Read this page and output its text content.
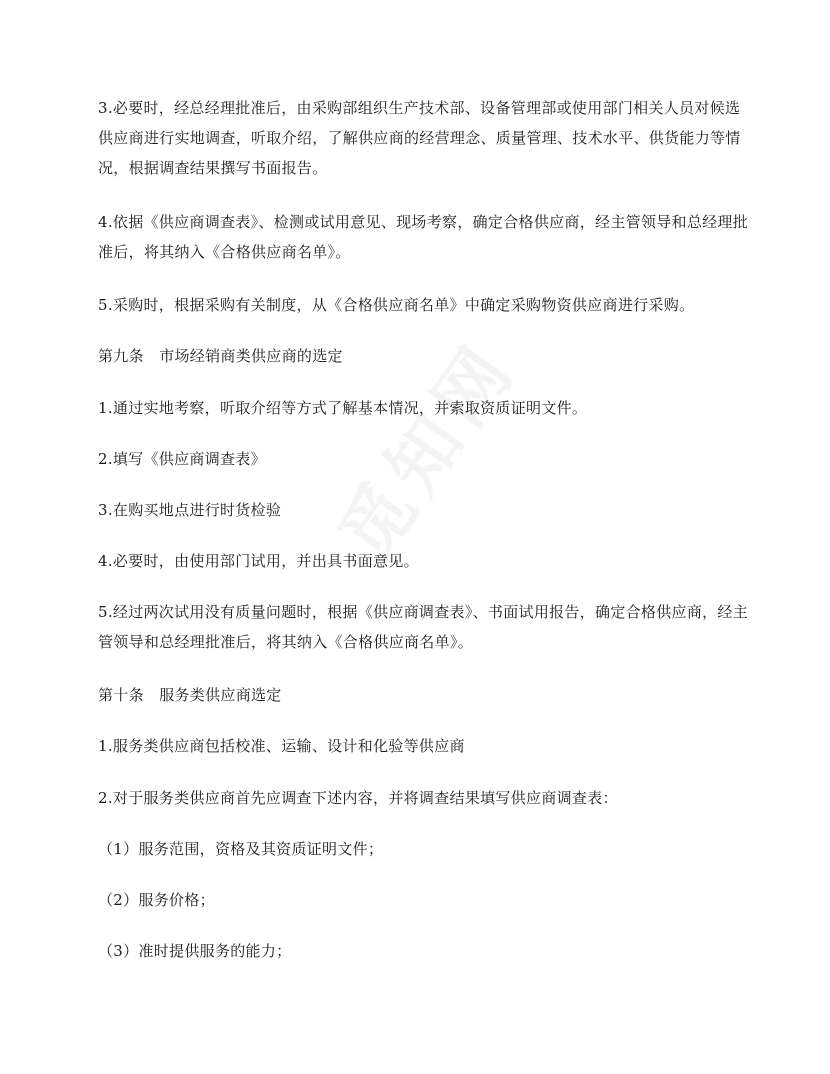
3.必要时，经总经理批准后，由采购部组织生产技术部、设备管理部或使用部门相关人员对候选供应商进行实地调查，听取介绍，了解供应商的经营理念、质量管理、技术水平、供货能力等情况，根据调查结果撰写书面报告。

4.依据《供应商调查表》、检测或试用意见、现场考察，确定合格供应商，经主管领导和总经理批准后，将其纳入《合格供应商名单》。

5.采购时，根据采购有关制度，从《合格供应商名单》中确定采购物资供应商进行采购。

第九条　市场经销商类供应商的选定

1.通过实地考察，听取介绍等方式了解基本情况，并索取资质证明文件。

2.填写《供应商调查表》

3.在购买地点进行时货检验

4.必要时，由使用部门试用，并出具书面意见。

5.经过两次试用没有质量问题时，根据《供应商调查表》、书面试用报告，确定合格供应商，经主管领导和总经理批准后，将其纳入《合格供应商名单》。

第十条　服务类供应商选定

1.服务类供应商包括校准、运输、设计和化验等供应商

2.对于服务类供应商首先应调查下述内容，并将调查结果填写供应商调查表：

（1）服务范围，资格及其资质证明文件；

（2）服务价格；

（3）准时提供服务的能力；
